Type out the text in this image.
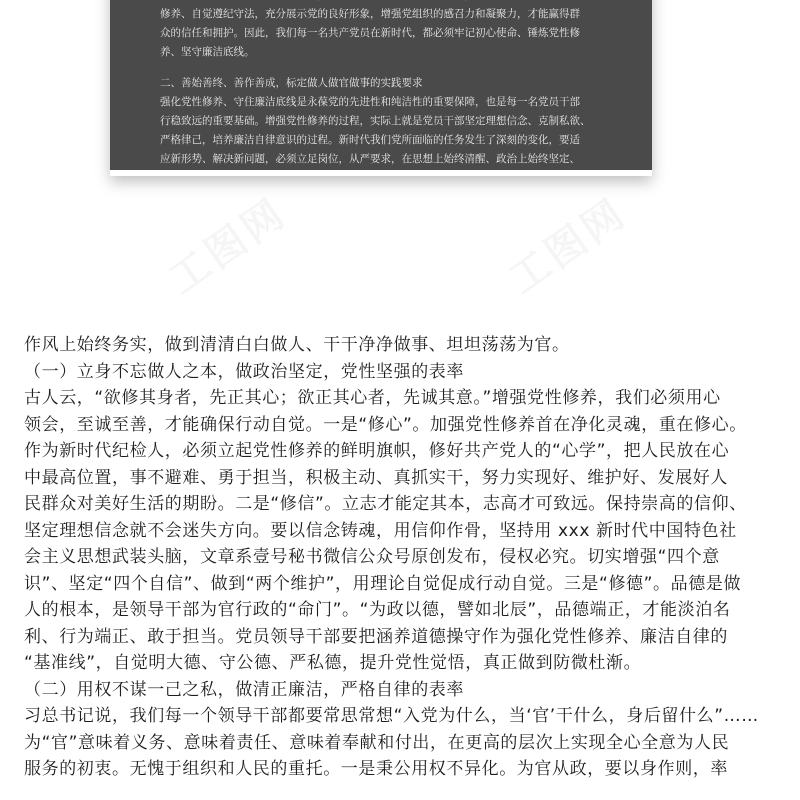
修养、自觉遵纪守法，充分展示党的良好形象，增强党组织的感召力和凝聚力，才能赢得群
众的信任和拥护。因此，我们每一名共产党员在新时代，都必须牢记初心使命、锤炼党性修
养、坚守廉洁底线。
二、善始善终、善作善成，标定做人做官做事的实践要求
强化党性修养、守住廉洁底线是永葆党的先进性和纯洁性的重要保障，也是每一名党员干部
行稳致远的重要基础。增强党性修养的过程，实际上就是党员干部坚定理想信念、克制私欲、
严格律己，培养廉洁自律意识的过程。新时代我们党所面临的任务发生了深刻的变化，要适
应新形势、解决新问题，必须立足岗位，从严要求，在思想上始终清醒、政治上始终坚定、
工图网	工图网
作风上始终务实，做到清清白白做人、干干净净做事、坦坦荡荡为官。
（一）立身不忘做人之本，做政治坚定，党性坚强的表率
古人云，“欲修其身者，先正其心；欲正其心者，先诚其意。”增强党性修养，我们必须用心
领会，至诚至善，才能确保行动自觉。一是“修心”。加强党性修养首在净化灵魂，重在修心。
作为新时代纪检人，必须立起党性修养的鲜明旗帜，修好共产党人的“心学”，把人民放在心
中最高位置，事不避难、勇于担当，积极主动、真抓实干，努力实现好、维护好、发展好人
民群众对美好生活的期盼。二是“修信”。立志才能定其本，志高才可致远。保持崇高的信仰、
坚定理想信念就不会迷失方向。要以信念铸魂，用信仰作骨，坚持用 xxx 新时代中国特色社
会主义思想武装头脑，文章系壹号秘书微信公众号原创发布，侵权必究。切实增强“四个意
识”、坚定“四个自信”、做到“两个维护”，用理论自觉促成行动自觉。三是“修德”。品德是做
人的根本，是领导干部为官行政的“命门”。“为政以德，譬如北辰”，品德端正，才能淡泊名
利、行为端正、敢于担当。党员领导干部要把涵养道德操守作为强化党性修养、廉洁自律的
“基准线”，自觉明大德、守公德、严私德，提升党性觉悟，真正做到防微杜渐。
（二）用权不谋一己之私，做清正廉洁，严格自律的表率
习总书记说，我们每一个领导干部都要常思常想“入党为什么，当‘官’干什么，身后留什么”……
为“官”意味着义务、意味着责任、意味着奉献和付出，在更高的层次上实现全心全意为人民
服务的初衷。无愧于组织和人民的重托。一是秉公用权不异化。为官从政，要以身作则，率
